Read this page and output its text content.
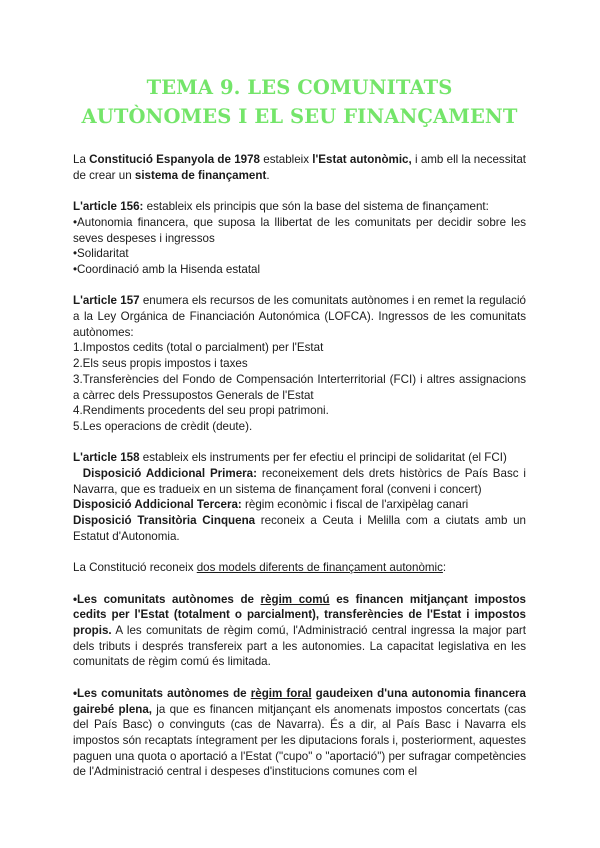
TEMA 9. LES COMUNITATS
AUTÒNOMES I EL SEU FINANÇAMENT

La Constitució Espanyola de 1978 estableix l'Estat autonòmic, i amb ell la necessitat de crear un sistema de finançament.

L'article 156: estableix els principis que són la base del sistema de finançament:

•Autonomia financera, que suposa la llibertat de les comunitats per decidir sobre les seves despeses i ingressos

•Solidaritat

•Coordinació amb la Hisenda estatal

L'article 157 enumera els recursos de les comunitats autònomes i en remet la regulació a la Ley Orgánica de Financiación Autonómica (LOFCA). Ingressos de les comunitats autònomes:

1.Impostos cedits (total o parcialment) per l'Estat

2.Els seus propis impostos i taxes

3.Transferències del Fondo de Compensación Interterritorial (FCI) i altres assignacions a càrrec dels Pressupostos Generals de l'Estat

4.Rendiments procedents del seu propi patrimoni.

5.Les operacions de crèdit (deute).

L'article 158 estableix els instruments per fer efectiu el principi de solidaritat (el FCI)

Disposició Addicional Primera: reconeixement dels drets històrics de País Basc i Navarra, que es tradueix en un sistema de finançament foral (conveni i concert)

Disposició Addicional Tercera: règim econòmic i fiscal de l'arxipèlag canari

Disposició Transitòria Cinquena reconeix a Ceuta i Melilla com a ciutats amb un Estatut d'Autonomia.

La Constitució reconeix dos models diferents de finançament autonòmic:

•Les comunitats autònomes de règim comú es financen mitjançant impostos cedits per l'Estat (totalment o parcialment), transferències de l'Estat i impostos propis. A les comunitats de règim comú, l'Administració central ingressa la major part dels tributs i després transfereix part a les autonomies. La capacitat legislativa en les comunitats de règim comú és limitada.

•Les comunitats autònomes de règim foral gaudeixen d'una autonomia financera gairebé plena, ja que es financen mitjançant els anomenats impostos concertats (cas del País Basc) o convinguts (cas de Navarra). És a dir, al País Basc i Navarra els impostos són recaptats íntegrament per les diputacions forals i, posteriorment, aquestes paguen una quota o aportació a l'Estat ("cupo" o "aportació") per sufragar competències de l'Administració central i despeses d'institucions comunes com el
